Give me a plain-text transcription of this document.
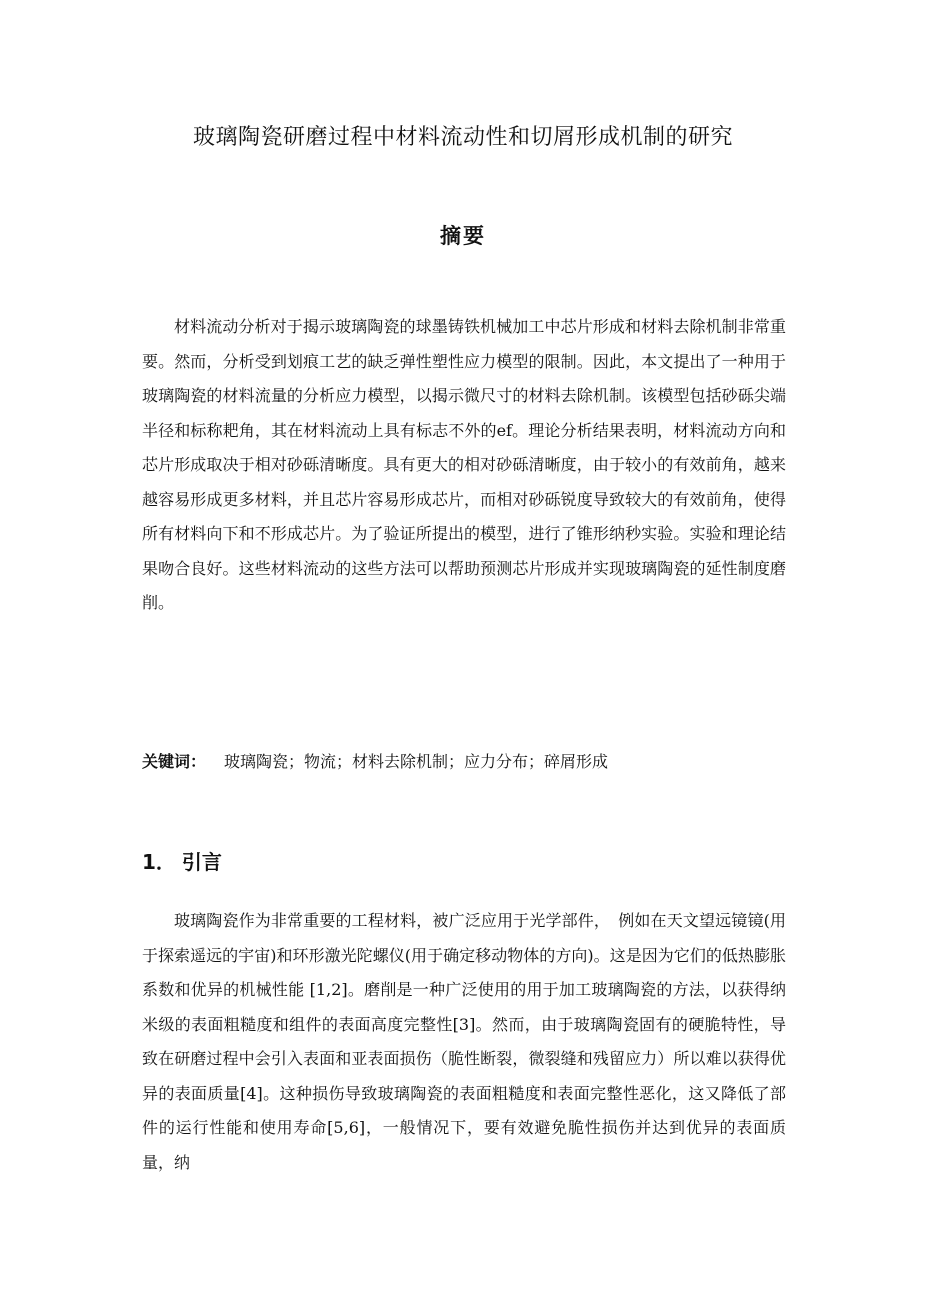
玻璃陶瓷研磨过程中材料流动性和切屑形成机制的研究
摘要

材料流动分析对于揭示玻璃陶瓷的球墨铸铁机械加工中芯片形成和材料去除机制非常重要。然而，分析受到划痕工艺的缺乏弹性塑性应力模型的限制。因此，本文提出了一种用于玻璃陶瓷的材料流量的分析应力模型，以揭示微尺寸的材料去除机制。该模型包括砂砾尖端半径和标称耙角，其在材料流动上具有标志不外的ef。理论分析结果表明，材料流动方向和芯片形成取决于相对砂砾清晰度。具有更大的相对砂砾清晰度，由于较小的有效前角，越来越容易形成更多材料，并且芯片容易形成芯片，而相对砂砾锐度导致较大的有效前角，使得所有材料向下和不形成芯片。为了验证所提出的模型，进行了锥形纳秒实验。实验和理论结果吻合良好。这些材料流动的这些方法可以帮助预测芯片形成并实现玻璃陶瓷的延性制度磨削。

关键词： 玻璃陶瓷；物流；材料去除机制；应力分布；碎屑形成
1． 引言

玻璃陶瓷作为非常重要的工程材料，被广泛应用于光学部件，　例如在天文望远镜镜(用于探索遥远的宇宙)和环形激光陀螺仪(用于确定移动物体的方向)。这是因为它们的低热膨胀系数和优异的机械性能 [1,2]。磨削是一种广泛使用的用于加工玻璃陶瓷的方法，以获得纳米级的表面粗糙度和组件的表面高度完整性[3]。然而，由于玻璃陶瓷固有的硬脆特性，导致在研磨过程中会引入表面和亚表面损伤（脆性断裂，微裂缝和残留应力）所以难以获得优异的表面质量[4]。这种损伤导致玻璃陶瓷的表面粗糙度和表面完整性恶化，这又降低了部件的运行性能和使用寿命[5,6]，一般情况下，要有效避免脆性损伤并达到优异的表面质量，纳
